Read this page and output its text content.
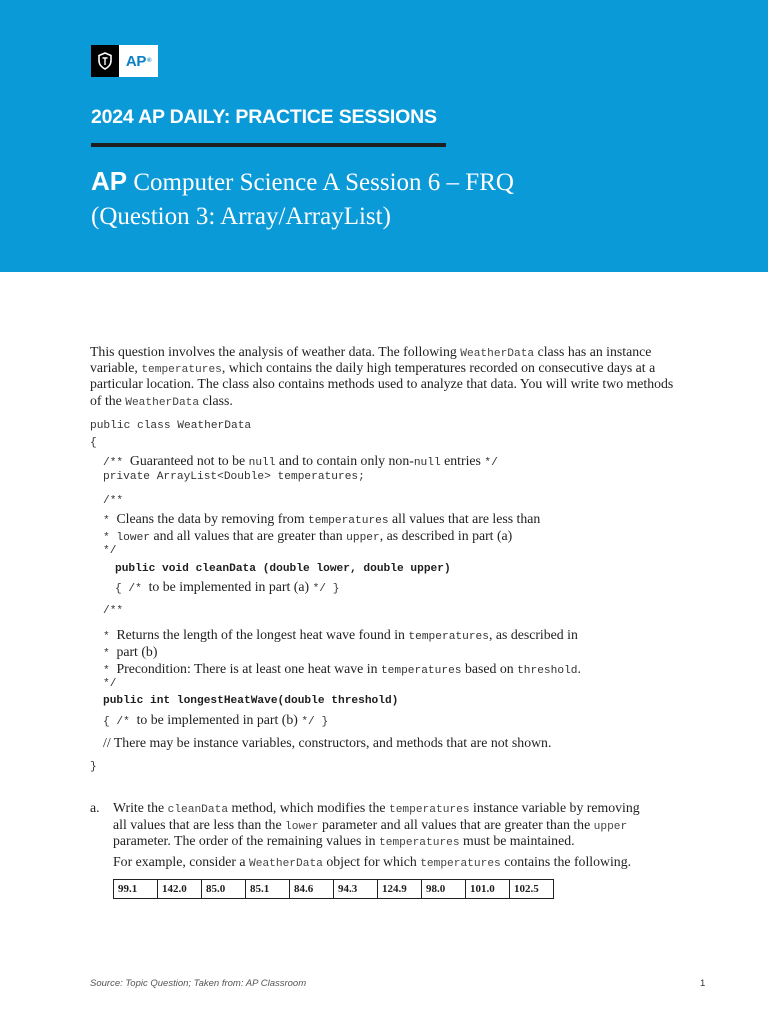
AP ®
2024 AP DAILY: PRACTICE SESSIONS
AP Computer Science A Session 6 – FRQ
(Question 3: Array/ArrayList)
This question involves the analysis of weather data. The following WeatherData class has an instance
variable, temperatures, which contains the daily high temperatures recorded on consecutive days at a
particular location. The class also contains methods used to analyze that data. You will write two methods
of the WeatherData class.
public class WeatherData
{
/** Guaranteed not to be null and to contain only non-null entries */
private ArrayList<Double> temperatures;
/**
* Cleans the data by removing from temperatures all values that are less than
* lower and all values that are greater than upper, as described in part (a)
*/
public void cleanData (double lower, double upper)
{ /* to be implemented in part (a) */ }
/**
* Returns the length of the longest heat wave found in temperatures, as described in
* part (b)
* Precondition: There is at least one heat wave in temperatures based on threshold.
*/
public int longestHeatWave(double threshold)
{ /* to be implemented in part (b) */ }
// There may be instance variables, constructors, and methods that are not shown.
}
a. Write the cleanData method, which modifies the temperatures instance variable by removing
all values that are less than the lower parameter and all values that are greater than the upper
parameter. The order of the remaining values in temperatures must be maintained.
For example, consider a WeatherData object for which temperatures contains the following.
99.1	142.0	85.0	85.1	84.6	94.3	124.9	98.0	101.0	102.5
Source: Topic Question; Taken from: AP Classroom	1
